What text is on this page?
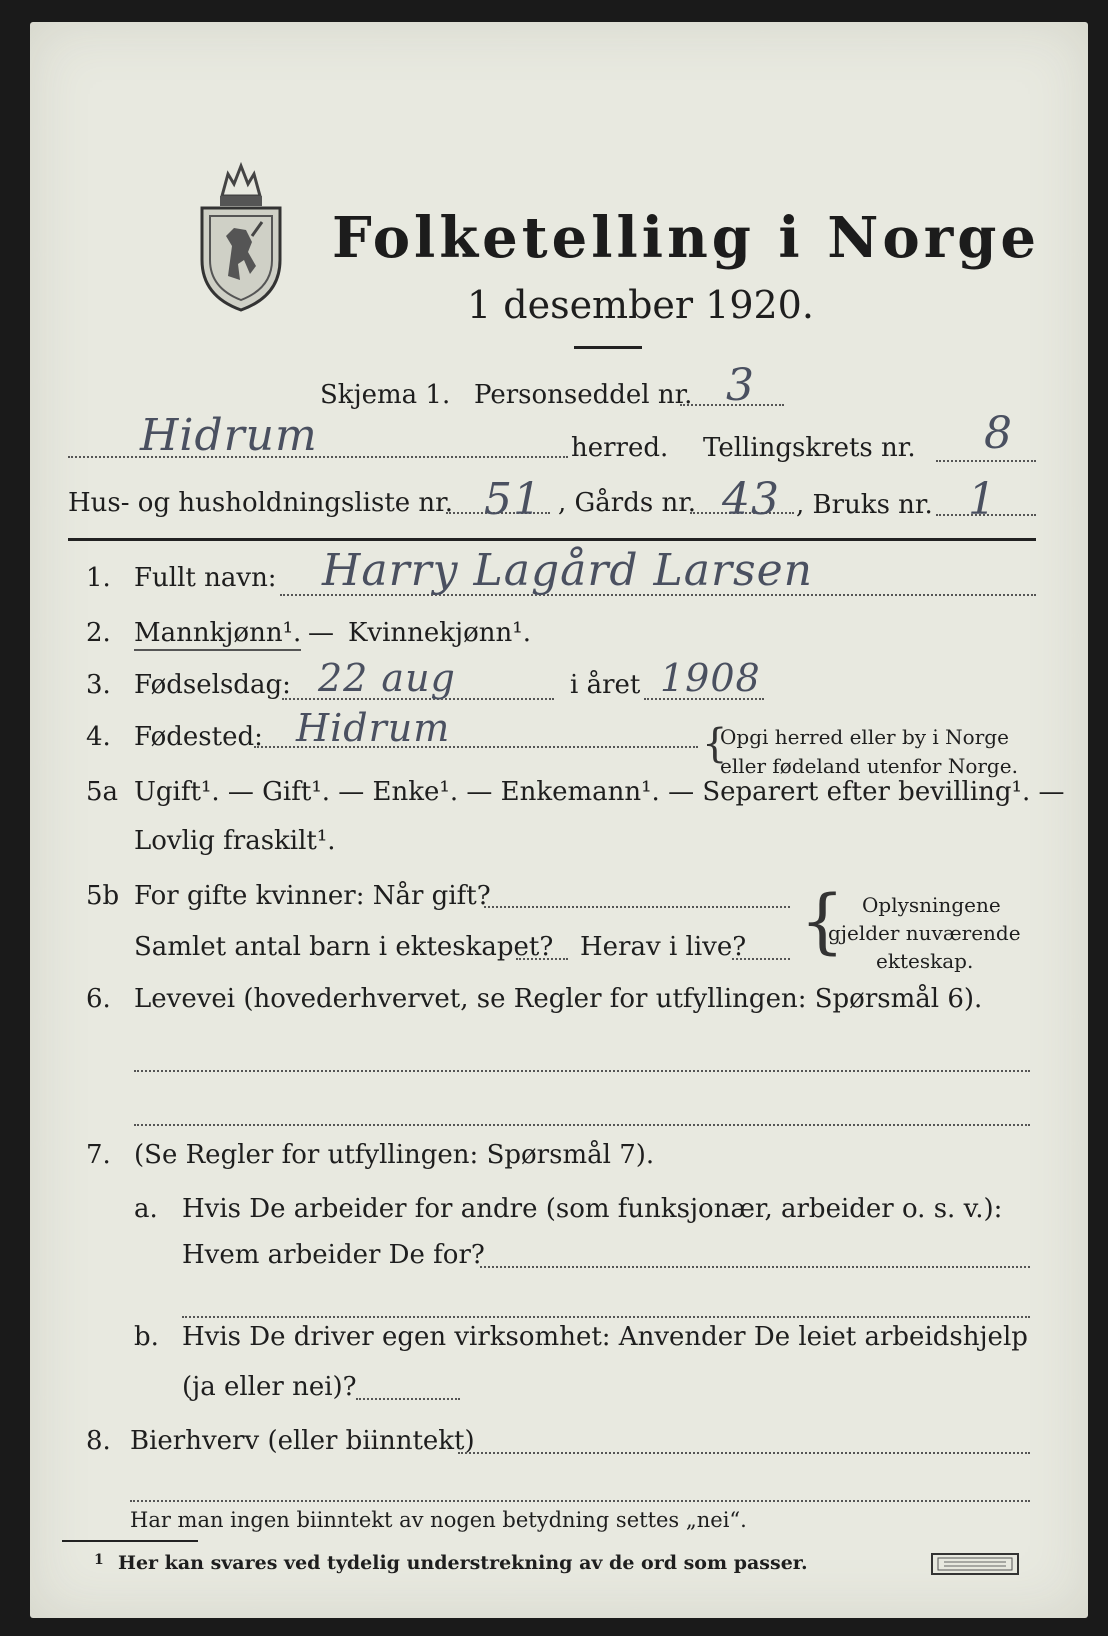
Folketelling i Norge
1 desember 1920.
Skjema 1. Personseddel nr. 3
Hidrum	herred. Tellingskrets nr. 8
Hus- og husholdningsliste nr. 51 , Gårds nr. 43 , Bruks nr. 1
1. Fullt navn: Harry Lagård Larsen
2. Mannkjønn¹. — Kvinnekjønn¹.
3. Fødselsdag: 22 aug	i året 1908
4. Fødested: Hidrum	{
Opgi herred eller by i Norge
eller fødeland utenfor Norge.
5a Ugift¹. — Gift¹. — Enke¹. — Enkemann¹. — Separert efter bevilling¹. —
Lovlig fraskilt¹.
5b For gifte kvinner: Når gift?
Samlet antal barn i ekteskapet? Herav i live? { Oplysningene
gjelder nuværende
ekteskap.
6. Levevei (hovederhvervet, se Regler for utfyllingen: Spørsmål 6).
7. (Se Regler for utfyllingen: Spørsmål 7).
a. Hvis De arbeider for andre (som funksjonær, arbeider o. s. v.):
Hvem arbeider De for?
b. Hvis De driver egen virksomhet: Anvender De leiet arbeidshjelp
(ja eller nei)?
8. Bierhverv (eller biinntekt)
Har man ingen biinntekt av nogen betydning settes „nei“.
1 Her kan svares ved tydelig understrekning av de ord som passer.
